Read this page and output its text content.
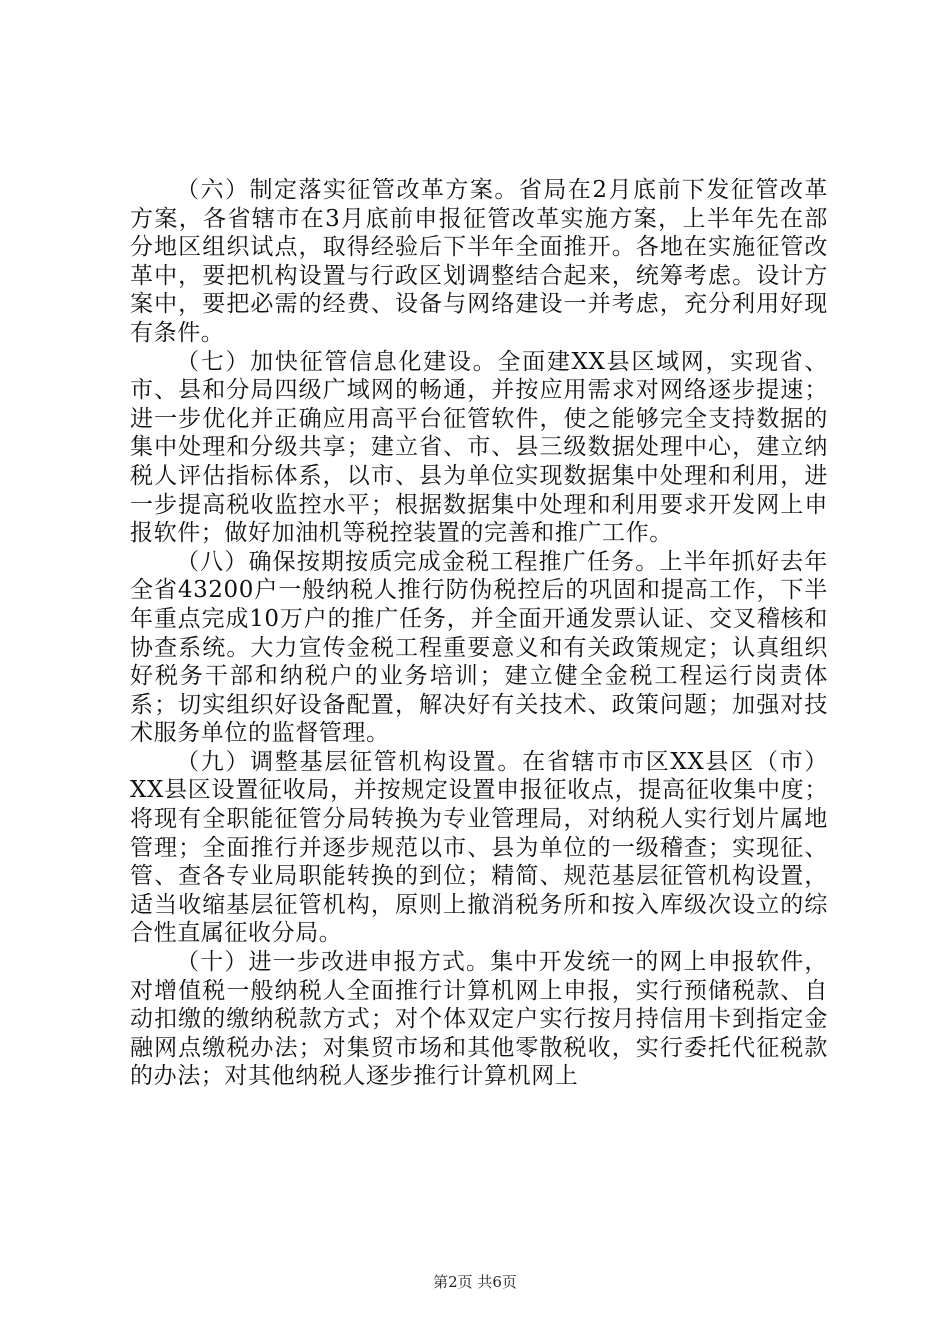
（六）制定落实征管改革方案。省局在2月底前下发征管改革方案，各省辖市在3月底前申报征管改革实施方案，上半年先在部分地区组织试点，取得经验后下半年全面推开。各地在实施征管改革中，要把机构设置与行政区划调整结合起来，统筹考虑。设计方案中，要把必需的经费、设备与网络建设一并考虑，充分利用好现有条件。

（七）加快征管信息化建设。全面建XX县区域网，实现省、市、县和分局四级广域网的畅通，并按应用需求对网络逐步提速；进一步优化并正确应用高平台征管软件，使之能够完全支持数据的集中处理和分级共享；建立省、市、县三级数据处理中心，建立纳税人评估指标体系，以市、县为单位实现数据集中处理和利用，进一步提高税收监控水平；根据数据集中处理和利用要求开发网上申报软件；做好加油机等税控装置的完善和推广工作。

（八）确保按期按质完成金税工程推广任务。上半年抓好去年全省43200户一般纳税人推行防伪税控后的巩固和提高工作，下半年重点完成10万户的推广任务，并全面开通发票认证、交叉稽核和协查系统。大力宣传金税工程重要意义和有关政策规定；认真组织好税务干部和纳税户的业务培训；建立健全金税工程运行岗责体系；切实组织好设备配置，解决好有关技术、政策问题；加强对技术服务单位的监督管理。

（九）调整基层征管机构设置。在省辖市市区XX县区（市）XX县区设置征收局，并按规定设置申报征收点，提高征收集中度；将现有全职能征管分局转换为专业管理局，对纳税人实行划片属地管理；全面推行并逐步规范以市、县为单位的一级稽查；实现征、管、查各专业局职能转换的到位；精简、规范基层征管机构设置，适当收缩基层征管机构，原则上撤消税务所和按入库级次设立的综合性直属征收分局。

（十）进一步改进申报方式。集中开发统一的网上申报软件，对增值税一般纳税人全面推行计算机网上申报，实行预储税款、自动扣缴的缴纳税款方式；对个体双定户实行按月持信用卡到指定金融网点缴税办法；对集贸市场和其他零散税收，实行委托代征税款的办法；对其他纳税人逐步推行计算机网上

第2页 共6页
